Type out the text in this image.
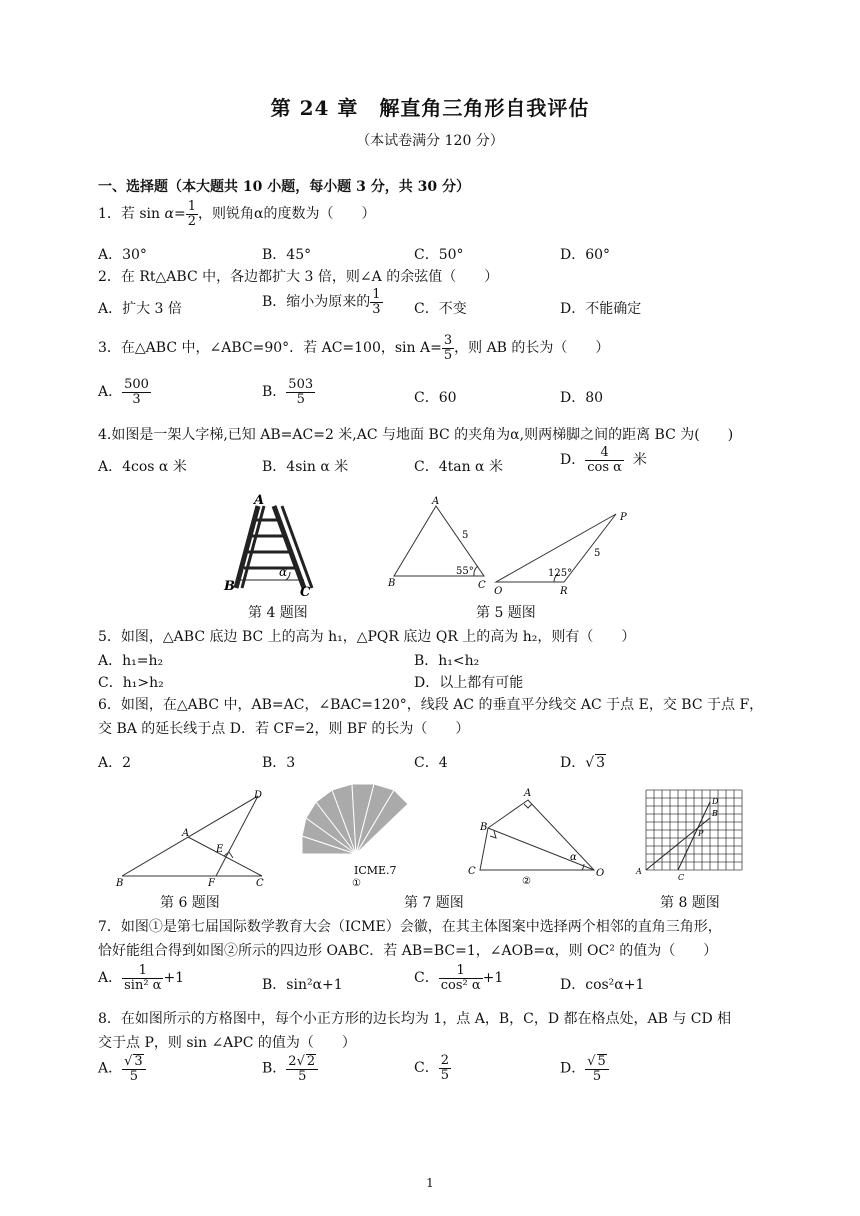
第 24 章　解直角三角形自我评估
（本试卷满分 120 分）
一、选择题（本大题共 10 小题，每小题 3 分，共 30 分）
1．若 $\sin \alpha= \frac{1}{2}$ ，则锐角α的度数为（　　）
A．30°	B．45°	C．50°	D．60°
2．在 Rt△ABC 中，各边都扩大 3 倍，则∠A 的余弦值（　　）
A．扩大 3 倍	B．缩小为原来的 $\frac{1}{3}$ C．不变	D．不能确定
3．在△ABC 中，∠ABC=90°．若 AC=100，$\sin A= \frac{3}{5}$ ，则 AB 的长为（　　）
A． $\frac{500}{3}$	B． $\frac{503}{5}$	C．60	D．80
4.如图是一架人字梯,已知 AB=AC=2 米,AC 与地面 BC 的夹角为α,则两梯脚之间的距离 BC 为(　　)
A．4cos α 米	B．4sin α 米	C．4tan α 米	D． $\frac{4}{\text{cos α}}$ 米
A
B	C
α
第 4 题图
A
B	C
5
55°
P
Q	R
5
125°
第 5 题图
5．如图，△ABC 底边 BC 上的高为 h₁，△PQR 底边 QR 上的高为 h₂，则有（　　）
A．h₁=h₂	B．h₁<h₂
C．h₁>h₂	D．以上都有可能
6．如图，在△ABC 中，AB=AC，∠BAC=120°，线段 AC 的垂直平分线交 AC 于点 E，交 BC 于点 F，
交 BA 的延长线于点 D．若 CF=2，则 BF 的长为（　　）
A．2	B．3	C．4	D．√ 3
A
B	C
D
E
F
第 6 题图
ICME.7
①
A
B
C	O
α
②
第 7 题图
A
B
C
D
P
第 8 题图
7．如图①是第七届国际数学教育大会（ICME）会徽，在其主体图案中选择两个相邻的直角三角形，
恰好能组合得到如图②所示的四边形 OABC．若 AB=BC=1，∠AOB=α，则 OC² 的值为（　　）
A． $\frac{1}{\text{sin² α}} +1$	B．sin²α+1	C． $\frac{1}{\text{cos² α}} +1$	D．cos²α+1
8．在如图所示的方格图中，每个小正方形的边长均为 1，点 A，B，C，D 都在格点处，AB 与 CD 相
交于点 P，则 sin ∠APC 的值为（　　）
A． $\frac{√ 3}{5}$	B． $\frac{2√ 2}{5}$	C． $\frac{2}{5}$	D． $\frac{√ 5}{5}$
1
